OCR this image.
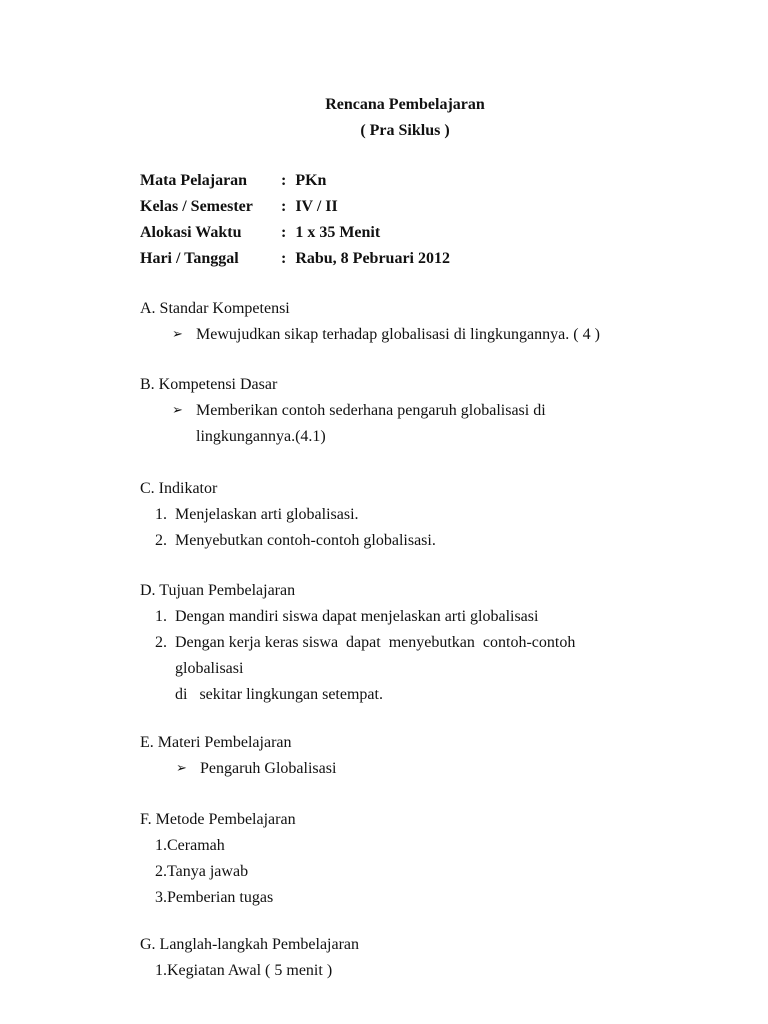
Rencana Pembelajaran
( Pra Siklus )
Mata Pelajaran : PKn
Kelas / Semester : IV / II
Alokasi Waktu : 1 x 35 Menit
Hari / Tanggal	: Rabu, 8 Pebruari 2012
A. Standar Kompetensi
➢ Mewujudkan sikap terhadap globalisasi di lingkungannya. ( 4 )
B. Kompetensi Dasar
➢ Memberikan contoh sederhana pengaruh globalisasi di lingkungannya.(4.1)
C. Indikator
1. Menjelaskan arti globalisasi.
2. Menyebutkan contoh-contoh globalisasi.
D. Tujuan Pembelajaran
1. Dengan mandiri siswa dapat menjelaskan arti globalisasi
2. Dengan kerja keras siswa  dapat  menyebutkan  contoh-contoh  globalisasi
di   sekitar lingkungan setempat.
E. Materi Pembelajaran
➢ Pengaruh Globalisasi
F. Metode Pembelajaran
1.Ceramah
2.Tanya jawab
3.Pemberian tugas
G. Langlah-langkah Pembelajaran
1.Kegiatan Awal ( 5 menit )
